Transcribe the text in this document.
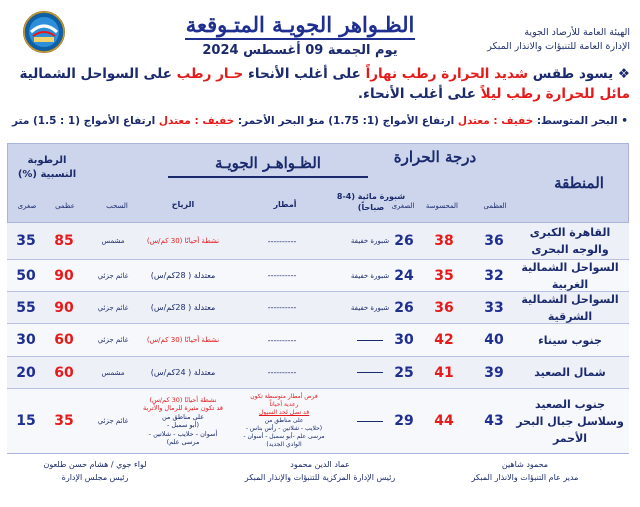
الظـواهر الجويـة المتـوقعة
يوم الجمعة 09 أغسطس 2024
الهيئة العامة للأرصاد الجوية
الإدارة العامة للتنبؤات والانذار المبكر
❖ يسود طقس شديد الحرارة رطب نهاراً على أغلب الأنحاء حـار رطب على السواحل الشمالية مائل للحرارة رطب ليلاً على أغلب الأنحاء.
• البحر المتوسط: خفيف : معتدل ارتفاع الأمواج (1: 1.75) متر
• البحر الأحمر: خفيف : معتدل ارتفاع الأمواج (1 : 1.5) متر
المنطقة
درجة الحرارة
العظمى
المحسوسة
الصغرى
الظـواهـر الجويـة
شبورة مائية (4-8 صباحاً)
أمطار
الرياح
السحب
الرطوبة النسبية (%)
عظمى
صغرى
القاهرة الكبرى والوجه البحرى
36
38
26
شبورة خفيفة
----------
نشطة أحيانًا (30 كم/س)
مشمس
85
35
السواحل الشمالية الغربية
32
35
24
شبورة خفيفة
----------
معتدلة ( 28كم/س)
غائم جزئي
90
50
السواحل الشمالية الشرقية
33
36
26
شبورة خفيفة
----------
معتدلة ( 28كم/س)
غائم جزئي
90
55
جنوب سيناء
40
42
30
----------
نشطة أحيانًا (30 كم/س)
غائم جزئي
60
30
شمال الصعيد
39
41
25
----------
معتدلة ( 24كم/س)
مشمس
60
20
جنوب الصعيد وسلاسل جبال البحر الأحمر
43
44
29
فرص أمطار متوسطة تكون
رعدية أحياناً
قد تصل لحد السيول
على مناطق من
(حلايب - شلاتين - رأس بناس -
مرسى علم -أبو سمبل - أسوان -
الوادي الجديد)
نشطة أحيانًا (30 كم/س)
قد تكون مثيرة للرمال والأتربة
على مناطق من
(أبو سمبل -
أسوان - حلايب - شلاتين -
مرسى علم)
غائم جزئي
35
15
محمود شاهين
مدير عام التنبؤات والانذار المبكر
عماد الدين محمود
رئيس الإدارة المركزية للتنبؤات والإنذار المبكر
لواء جوي / هشام حسن طلعون
رئيس مجلس الإدارة
